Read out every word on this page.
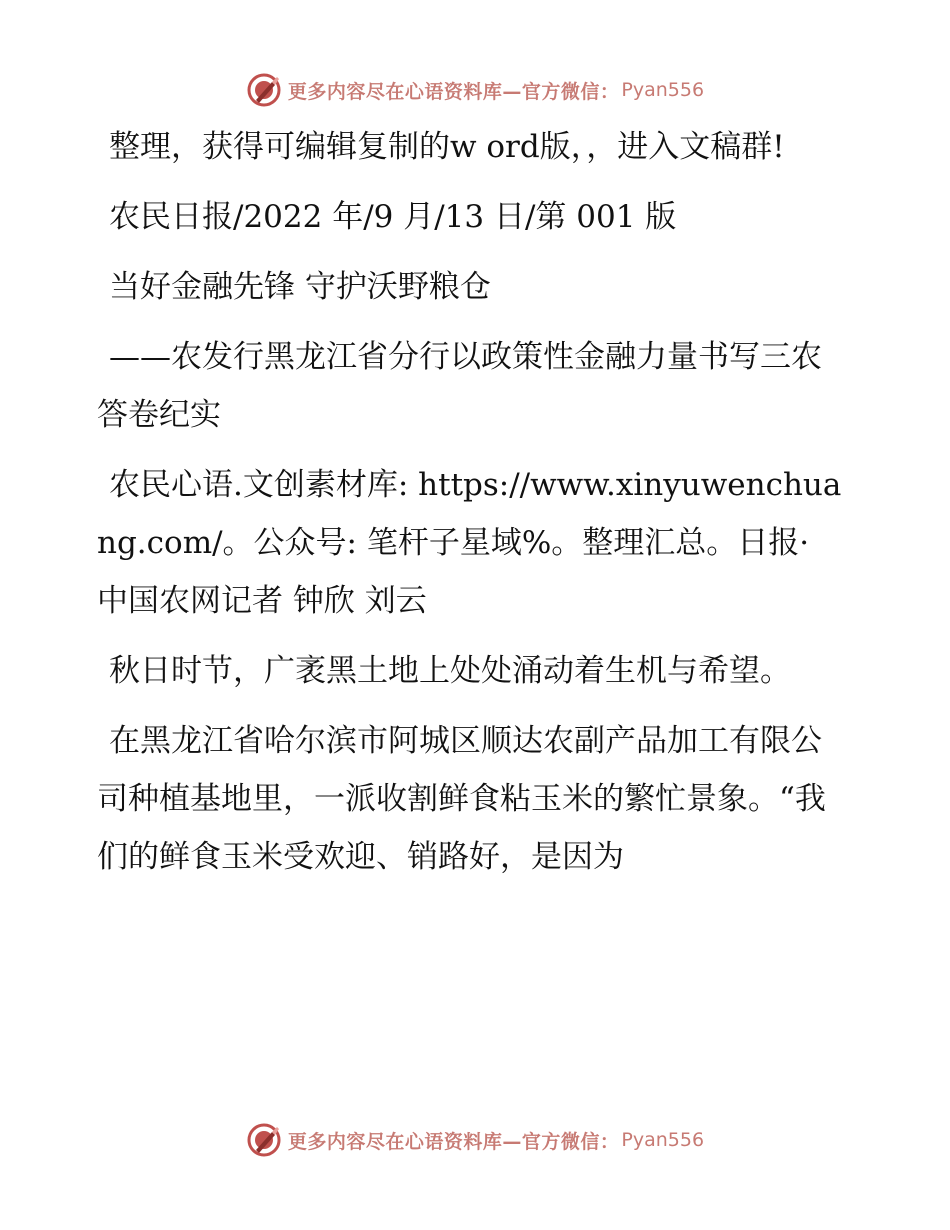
更多内容尽在心语资料库—官方微信： Pyan556

整理，获得可编辑复制的w ord版，，进入文稿群!

农民日报/2022 年/9 月/13 日/第 001 版

当好金融先锋 守护沃野粮仓

——农发行黑龙江省分行以政策性金融力量书写三农答卷纪实

农民心语.文创素材库: https://www.xinyuwenchuang.com/。公众号: 笔杆子星域%。整理汇总。日报· 中国农网记者 钟欣 刘云

秋日时节，广袤黑土地上处处涌动着生机与希望。

在黑龙江省哈尔滨市阿城区顺达农副产品加工有限公司种植基地里，一派收割鲜食粘玉米的繁忙景象。“我们的鲜食玉米受欢迎、销路好，是因为

更多内容尽在心语资料库—官方微信： Pyan556
